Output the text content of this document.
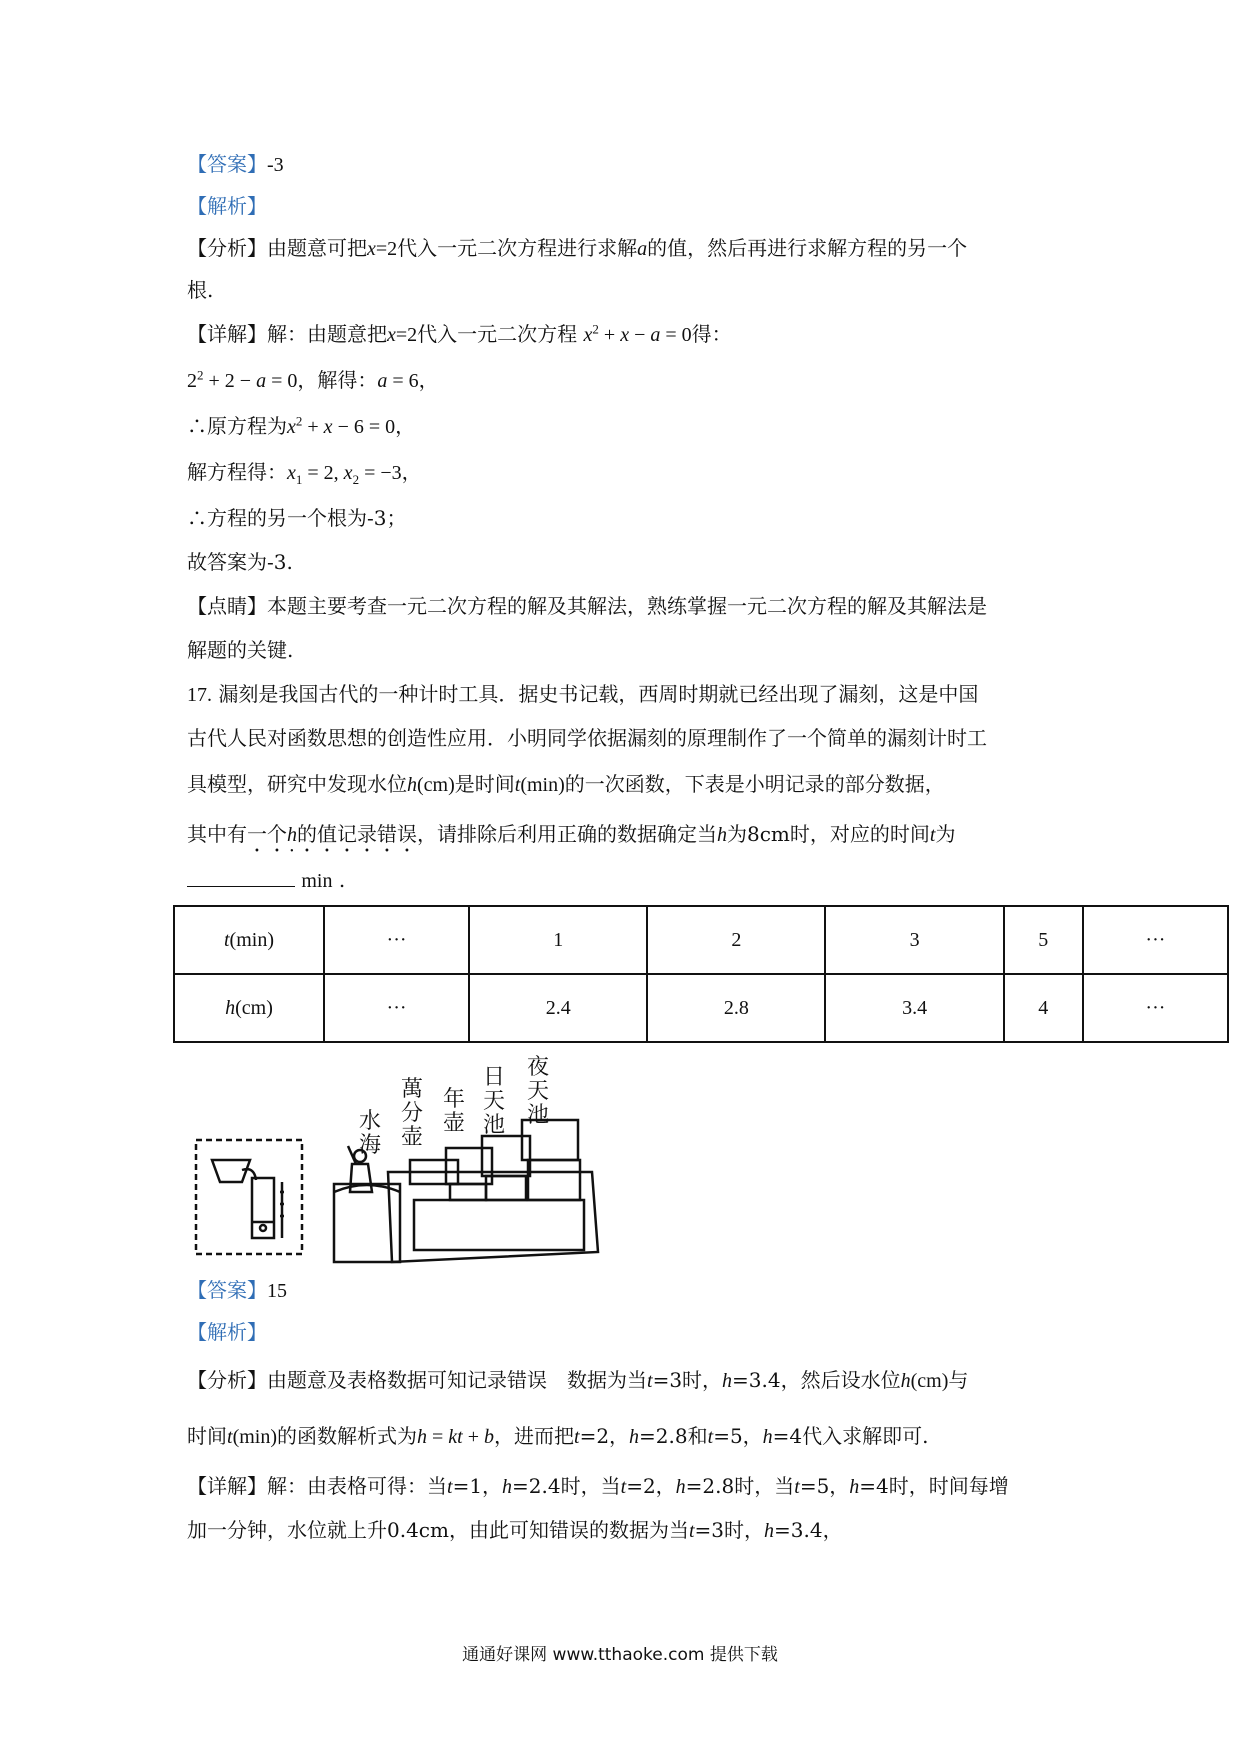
【答案】-3
【解析】
【分析】由题意可把x=2代入一元二次方程进行求解a的值，然后再进行求解方程的另一个
根.
【详解】解：由题意把x=2代入一元二次方程 $x^2 + x - a = 0$得：
$2^2 + 2 - a = 0$，解得：a = 6，
∴原方程为$x^2 + x - 6 = 0$，
解方程得：$x_1 = 2$, $x_2 = -3$，
∴方程的另一个根为-3；
故答案为-3.
【点睛】本题主要考查一元二次方程的解及其解法，熟练掌握一元二次方程的解及其解法是
解题的关键.
17. 漏刻是我国古代的一种计时工具．据史书记载，西周时期就已经出现了漏刻，这是中国
古代人民对函数思想的创造性应用．小明同学依据漏刻的原理制作了一个简单的漏刻计时工
具模型，研究中发现水位h(cm)是时间t(min)的一次函数，下表是小明记录的部分数据，
其中有一个h的值记录错误，请排除后利用正确的数据确定当h为8cm时，对应的时间t为
min .
t(min)	···	1	2	3	5	···
h(cm)	···	2.4	2.8	3.4	4	···
水海
萬分壶
年壶
日天池
夜天池
【答案】15
【解析】
【分析】由题意及表格数据可知记录错误　数据为当t=3时，h=3.4，然后设水位h(cm)与
时间t(min)的函数解析式为h = kt + b，进而把t=2，h=2.8和t=5，h=4代入求解即可.
【详解】解：由表格可得：当t=1，h=2.4时，当t=2，h=2.8时，当t=5，h=4时，时间每增
加一分钟，水位就上升0.4cm，由此可知错误的数据为当t=3时，h=3.4，
通通好课网 www.tthaoke.com 提供下载
